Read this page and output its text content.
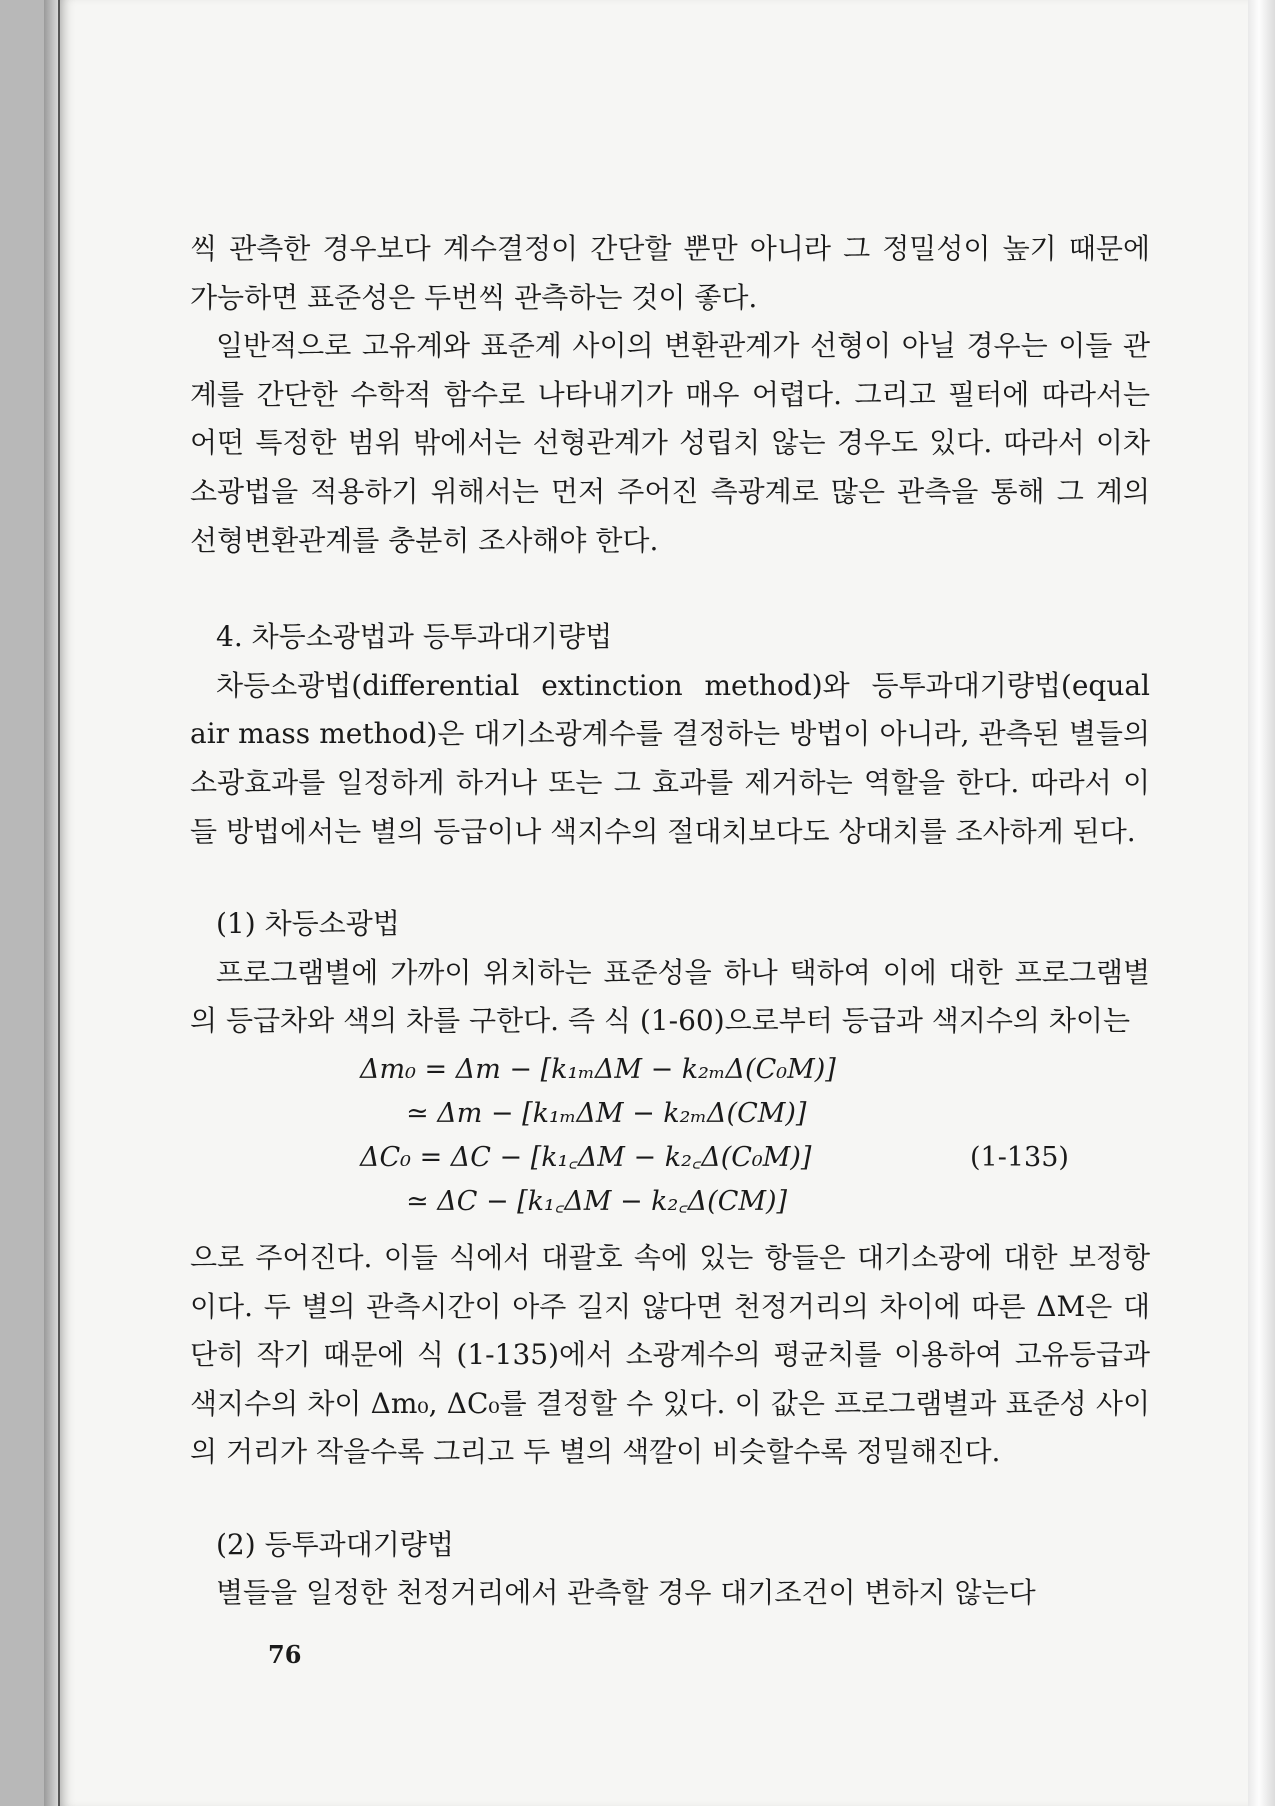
씩 관측한 경우보다 계수결정이 간단할 뿐만 아니라 그 정밀성이 높기 때문에 가능하면 표준성은 두번씩 관측하는 것이 좋다.

일반적으로 고유계와 표준계 사이의 변환관계가 선형이 아닐 경우는 이들 관계를 간단한 수학적 함수로 나타내기가 매우 어렵다. 그리고 필터에 따라서는 어떤 특정한 범위 밖에서는 선형관계가 성립치 않는 경우도 있다. 따라서 이차소광법을 적용하기 위해서는 먼저 주어진 측광계로 많은 관측을 통해 그 계의 선형변환관계를 충분히 조사해야 한다.

4. 차등소광법과 등투과대기량법

차등소광법(differential extinction method)와 등투과대기량법(equal air mass method)은 대기소광계수를 결정하는 방법이 아니라, 관측된 별들의 소광효과를 일정하게 하거나 또는 그 효과를 제거하는 역할을 한다. 따라서 이들 방법에서는 별의 등급이나 색지수의 절대치보다도 상대치를 조사하게 된다.

(1) 차등소광법

프로그램별에 가까이 위치하는 표준성을 하나 택하여 이에 대한 프로그램별의 등급차와 색의 차를 구한다. 즉 식 (1-60)으로부터 등급과 색지수의 차이는

Δm₀ = Δm − [k₁ₘΔM − k₂ₘΔ(C₀M)]
≃ Δm − [k₁ₘΔM − k₂ₘΔ(CM)]
ΔC₀ = ΔC − [k₁꜀ΔM − k₂꜀Δ(C₀M)]
≃ ΔC − [k₁꜀ΔM − k₂꜀Δ(CM)]
(1-135)

으로 주어진다. 이들 식에서 대괄호 속에 있는 항들은 대기소광에 대한 보정항이다. 두 별의 관측시간이 아주 길지 않다면 천정거리의 차이에 따른 ΔM은 대단히 작기 때문에 식 (1-135)에서 소광계수의 평균치를 이용하여 고유등급과 색지수의 차이 Δm₀, ΔC₀를 결정할 수 있다. 이 값은 프로그램별과 표준성 사이의 거리가 작을수록 그리고 두 별의 색깔이 비슷할수록 정밀해진다.

(2) 등투과대기량법

별들을 일정한 천정거리에서 관측할 경우 대기조건이 변하지 않는다

76
